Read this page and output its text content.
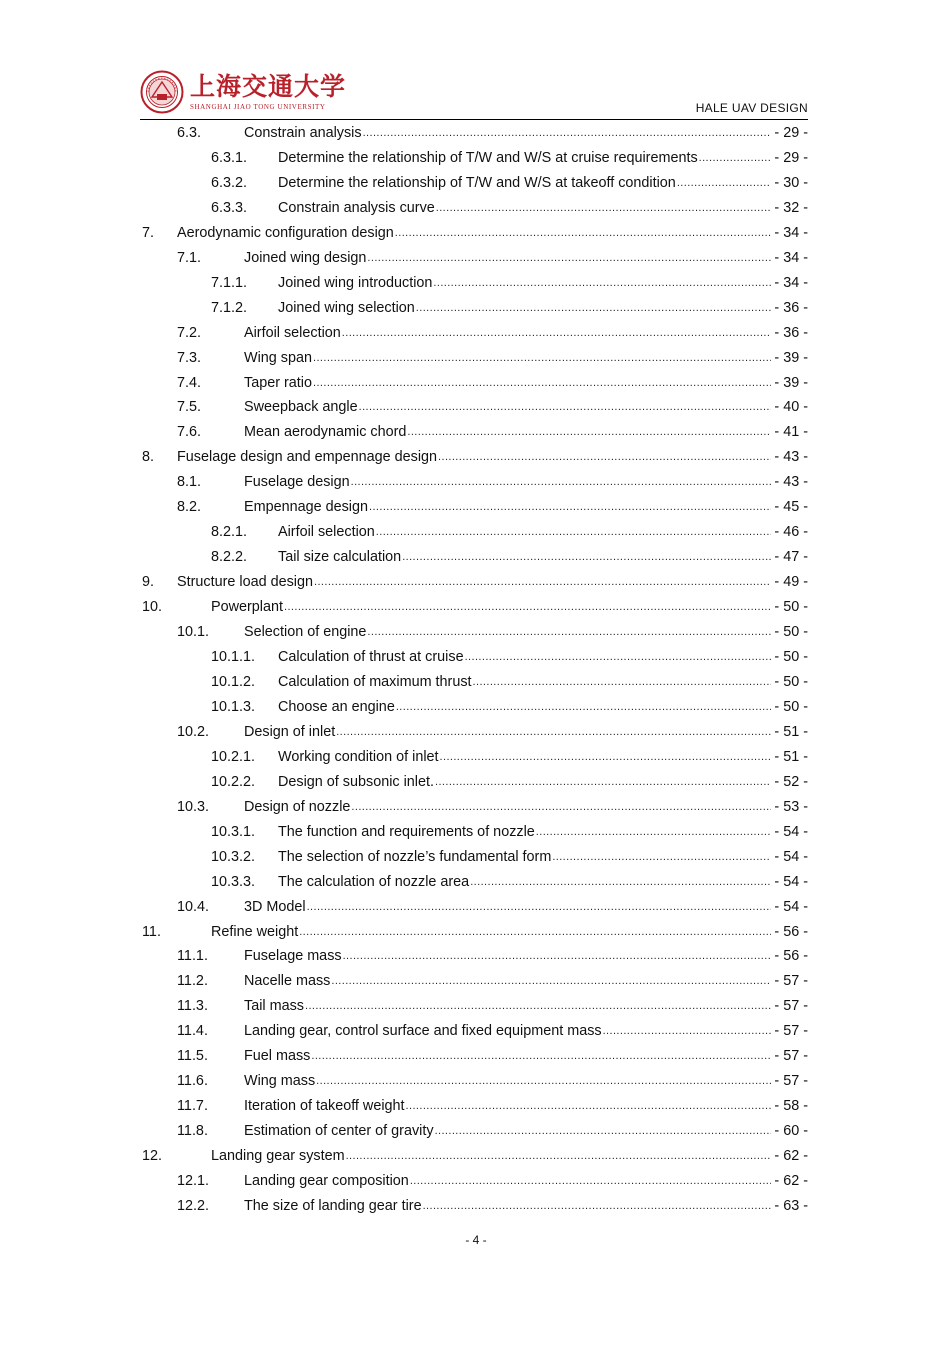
上海交通大学
SHANGHAI JIAO TONG UNIVERSITY	HALE UAV DESIGN
6.3.	Constrain analysis .....	- 29 -
6.3.1. Determine the relationship of T/W and W/S at cruise requirements .....	- 29 -
6.3.2. Determine the relationship of T/W and W/S at takeoff condition .....	- 30 -
6.3.3. Constrain analysis curve .....	- 32 -
7. Aerodynamic configuration design .....	- 34 -
7.1.	Joined wing design .....	- 34 -
7.1.1. Joined wing introduction .....	- 34 -
7.1.2. Joined wing selection .....	- 36 -
7.2.	Airfoil selection .....	- 36 -
7.3.	Wing span .....	- 39 -
7.4.	Taper ratio .....	- 39 -
7.5.	Sweepback angle .....	- 40 -
7.6.	Mean aerodynamic chord .....	- 41 -
8. Fuselage design and empennage design .....	- 43 -
8.1.	Fuselage design .....	- 43 -
8.2.	Empennage design .....	- 45 -
8.2.1. Airfoil selection .....	- 46 -
8.2.2. Tail size calculation .....	- 47 -
9. Structure load design .....	- 49 -
10.	Powerplant .....	- 50 -
10.1. Selection of engine .....	- 50 -
10.1.1. Calculation of thrust at cruise .....	- 50 -
10.1.2. Calculation of maximum thrust .....	- 50 -
10.1.3. Choose an engine .....	- 50 -
10.2. Design of inlet .....	- 51 -
10.2.1. Working condition of inlet .....	- 51 -
10.2.2. Design of subsonic inlet. .....	- 52 -
10.3. Design of nozzle .....	- 53 -
10.3.1. The function and requirements of nozzle .....	- 54 -
10.3.2. The selection of nozzle’s fundamental form .....	- 54 -
10.3.3. The calculation of nozzle area .....	- 54 -
10.4. 3D Model .....	- 54 -
11.	Refine weight .....	- 56 -
11.1.	Fuselage mass .....	- 56 -
11.2.	Nacelle mass .....	- 57 -
11.3.	Tail mass .....	- 57 -
11.4.	Landing gear, control surface and fixed equipment mass .....	- 57 -
11.5.	Fuel mass .....	- 57 -
11.6.	Wing mass .....	- 57 -
11.7.	Iteration of takeoff weight .....	- 58 -
11.8.	Estimation of center of gravity .....	- 60 -
12.	Landing gear system .....	- 62 -
12.1. Landing gear composition .....	- 62 -
12.2. The size of landing gear tire .....	- 63 -
- 4 -
